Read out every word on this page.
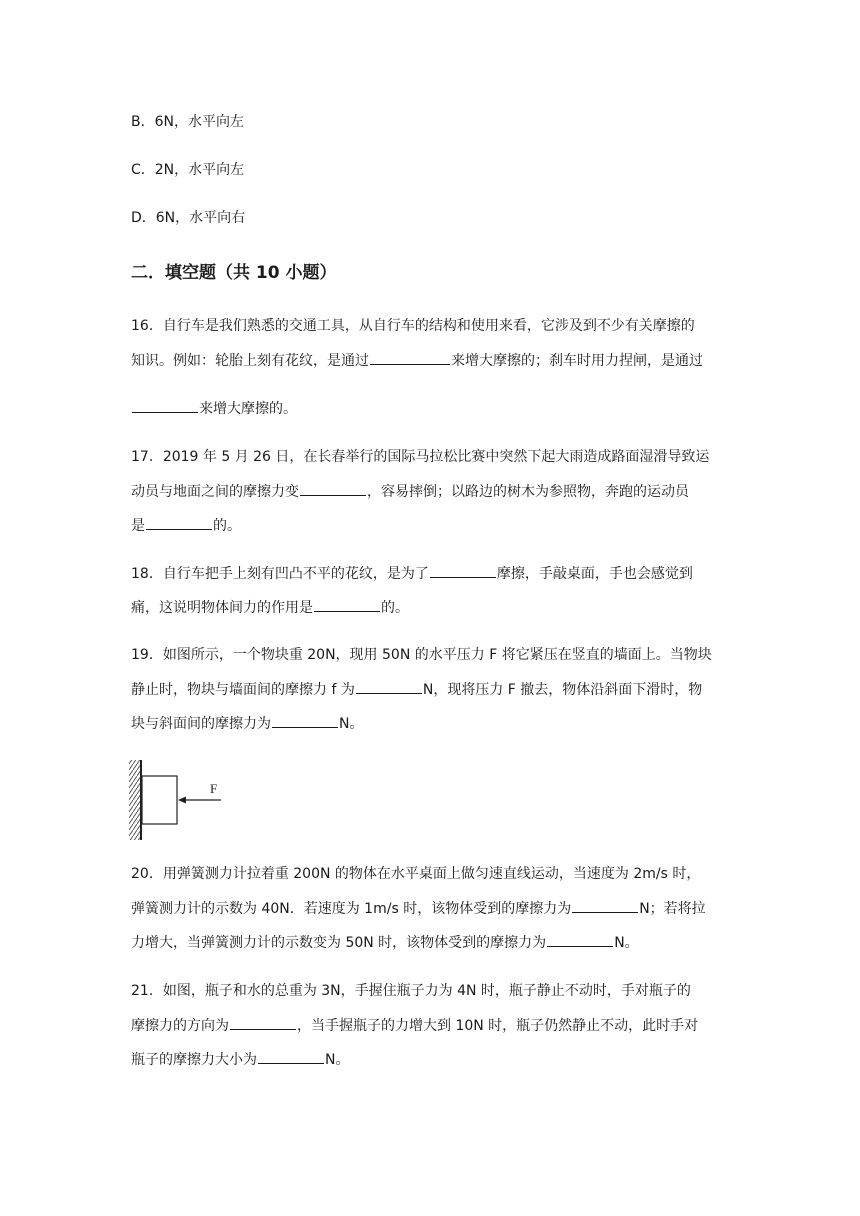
B．6N，水平向左
C．2N，水平向左
D．6N，水平向右
二．填空题（共 10 小题）
16．自行车是我们熟悉的交通工具，从自行车的结构和使用来看，它涉及到不少有关摩擦的
知识。例如：轮胎上刻有花纹，是通过	来增大摩擦的；刹车时用力捏闸，是通过
来增大摩擦的。
17．2019 年 5 月 26 日，在长春举行的国际马拉松比赛中突然下起大雨造成路面湿滑导致运
动员与地面之间的摩擦力变	，容易摔倒；以路边的树木为参照物，奔跑的运动员
是	的。
18．自行车把手上刻有凹凸不平的花纹，是为了	摩擦，手敲桌面，手也会感觉到
痛，这说明物体间力的作用是	的。
19．如图所示，一个物块重 20N，现用 50N 的水平压力 F 将它紧压在竖直的墙面上。当物块
静止时，物块与墙面间的摩擦力 f 为	N，现将压力 F 撤去，物体沿斜面下滑时，物
块与斜面间的摩擦力为	N。
F
20．用弹簧测力计拉着重 200N 的物体在水平桌面上做匀速直线运动，当速度为 2m/s 时，
弹簧测力计的示数为 40N．若速度为 1m/s 时，该物体受到的摩擦力为	N；若将拉
力增大，当弹簧测力计的示数变为 50N 时，该物体受到的摩擦力为	N。
21．如图，瓶子和水的总重为 3N，手握住瓶子力为 4N 时，瓶子静止不动时，手对瓶子的
摩擦力的方向为	，当手握瓶子的力增大到 10N 时，瓶子仍然静止不动，此时手对
瓶子的摩擦力大小为	N。
